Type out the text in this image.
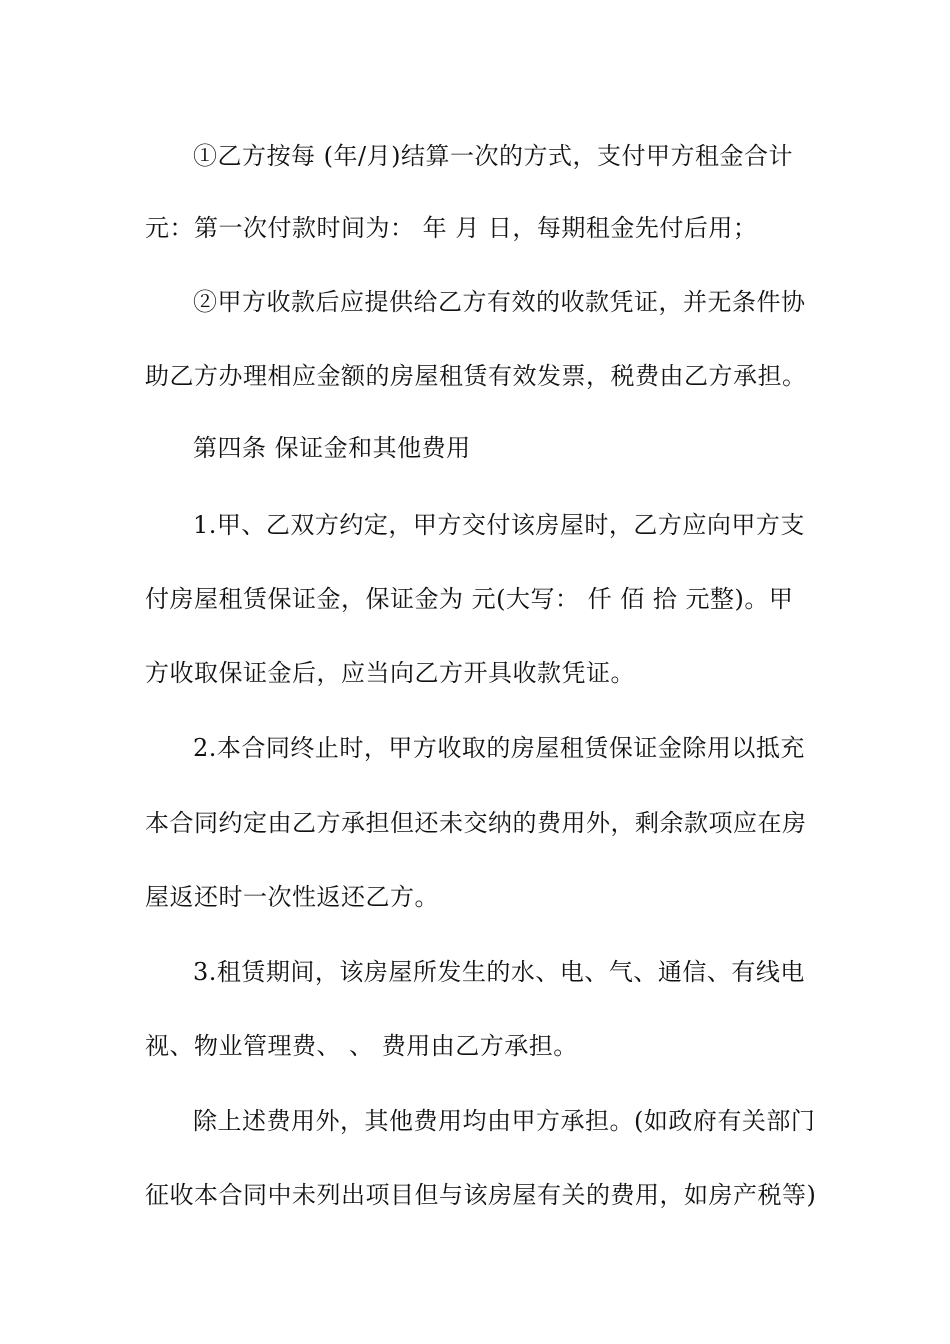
①乙方按每 (年/月)结算一次的方式，支付甲方租金合计
元：第一次付款时间为： 年 月 日，每期租金先付后用；
②甲方收款后应提供给乙方有效的收款凭证，并无条件协
助乙方办理相应金额的房屋租赁有效发票，税费由乙方承担。
第四条 保证金和其他费用
1.甲、乙双方约定，甲方交付该房屋时，乙方应向甲方支
付房屋租赁保证金，保证金为 元(大写： 仟 佰 拾 元整)。甲
方收取保证金后，应当向乙方开具收款凭证。
2.本合同终止时，甲方收取的房屋租赁保证金除用以抵充
本合同约定由乙方承担但还未交纳的费用外，剩余款项应在房
屋返还时一次性返还乙方。
3.租赁期间，该房屋所发生的水、电、气、通信、有线电
视、物业管理费、 、 费用由乙方承担。
除上述费用外，其他费用均由甲方承担。(如政府有关部门
征收本合同中未列出项目但与该房屋有关的费用，如房产税等)
